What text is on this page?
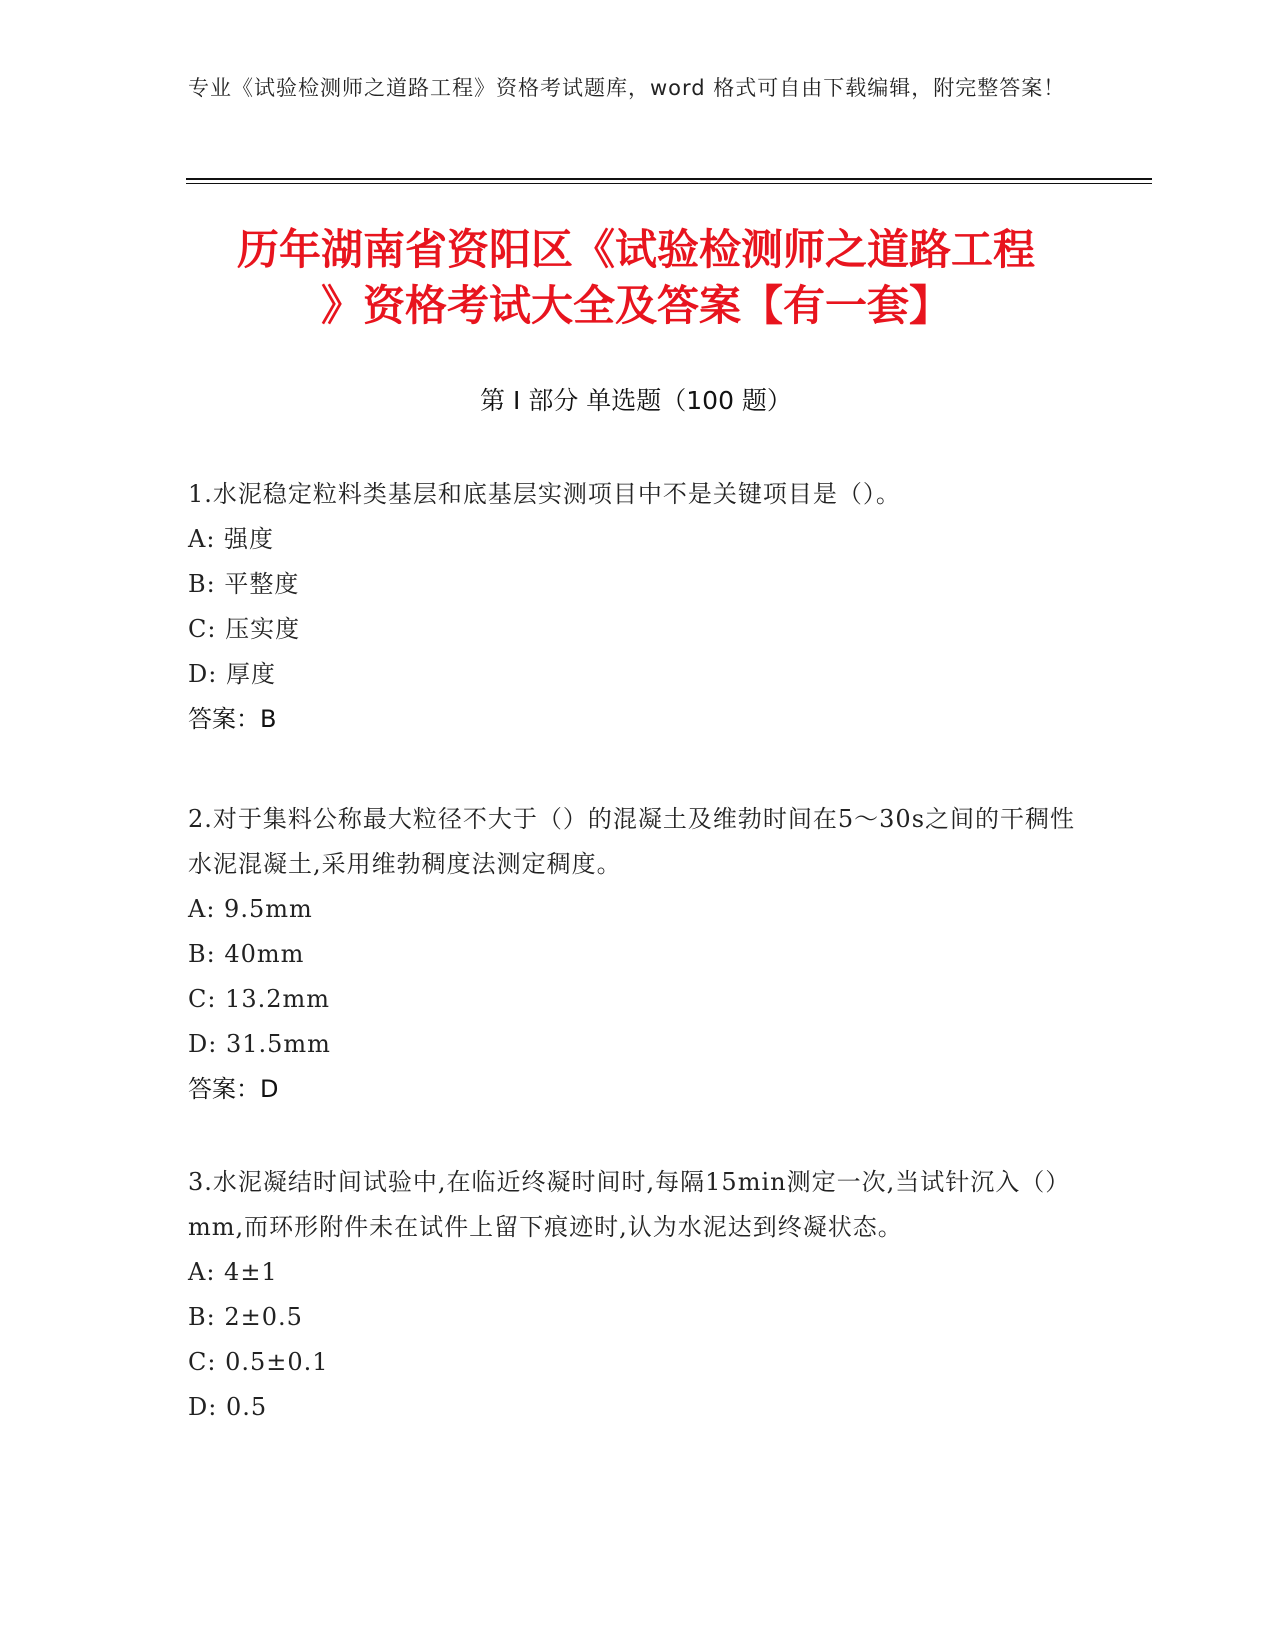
专业《试验检测师之道路工程》资格考试题库，word 格式可自由下载编辑，附完整答案！
历年湖南省资阳区《试验检测师之道路工程
》资格考试大全及答案【有一套】
第 I 部分 单选题（100 题）
1.水泥稳定粒料类基层和底基层实测项目中不是关键项目是（）。
A: 强度
B: 平整度
C: 压实度
D: 厚度
答案：B
2.对于集料公称最大粒径不大于（）的混凝土及维勃时间在5～30s之间的干稠性水泥混凝土,采用维勃稠度法测定稠度。
A: 9.5mm
B: 40mm
C: 13.2mm
D: 31.5mm
答案：D
3.水泥凝结时间试验中,在临近终凝时间时,每隔15min测定一次,当试针沉入（）mm,而环形附件未在试件上留下痕迹时,认为水泥达到终凝状态。
A: 4±1
B: 2±0.5
C: 0.5±0.1
D: 0.5
